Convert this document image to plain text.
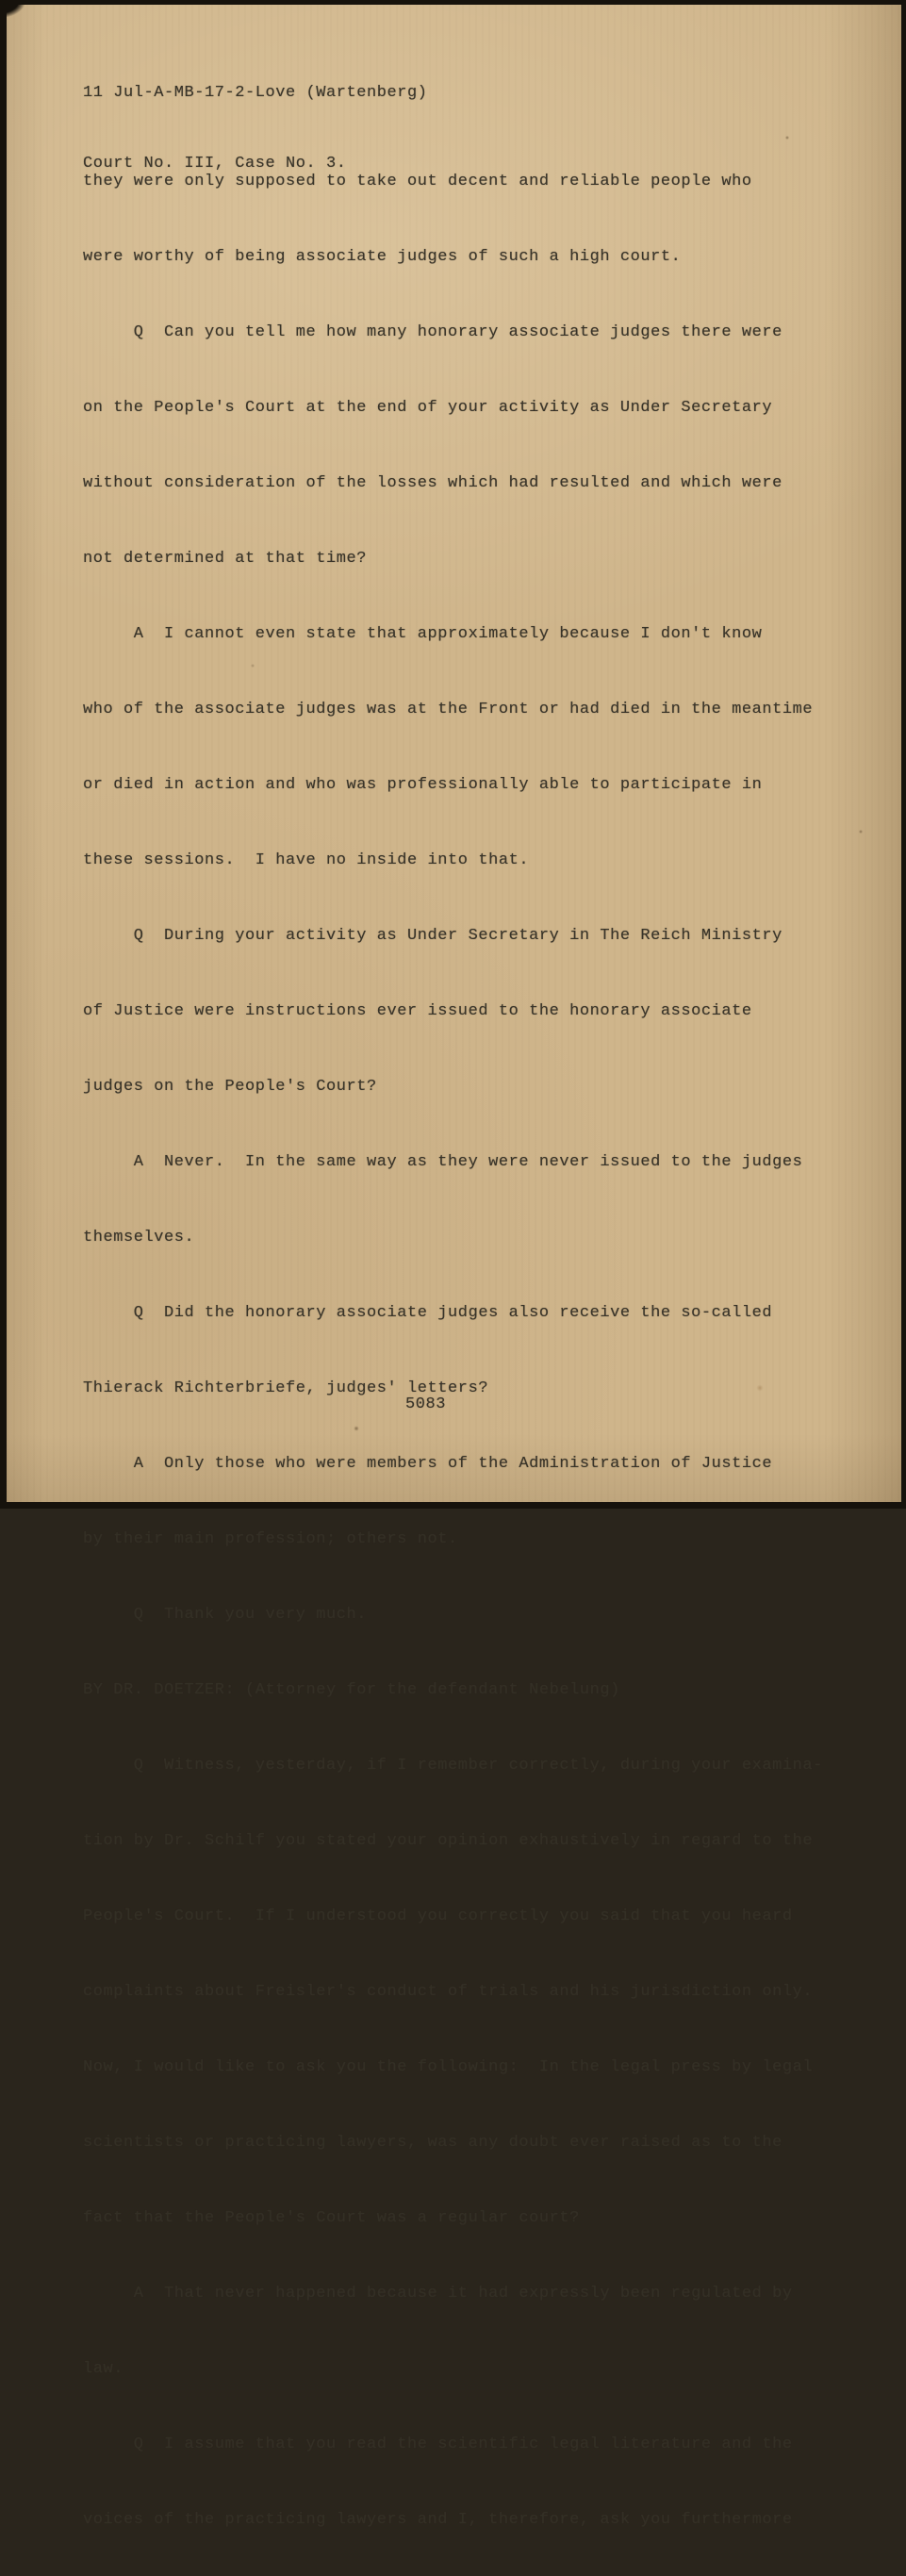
11 Jul-A-MB-17-2-Love (Wartenberg)

Court No. III, Case No. 3.

they were only supposed to take out decent and reliable people who

were worthy of being associate judges of such a high court.

Q  Can you tell me how many honorary associate judges there were

on the People's Court at the end of your activity as Under Secretary

without consideration of the losses which had resulted and which were

not determined at that time?

A  I cannot even state that approximately because I don't know

who of the associate judges was at the Front or had died in the meantime

or died in action and who was professionally able to participate in

these sessions.  I have no inside into that.

Q  During your activity as Under Secretary in The Reich Ministry

of Justice were instructions ever issued to the honorary associate

judges on the People's Court?

A  Never.  In the same way as they were never issued to the judges

themselves.

Q  Did the honorary associate judges also receive the so-called

Thierack Richterbriefe, judges' letters?

A  Only those who were members of the Administration of Justice

by their main profession; others not.

Q  Thank you very much.

BY DR. DOETZER: (Attorney for the defendant Nebelung)

Q  Witness, yesterday, if I remember correctly, during your examina-

tion by Dr. Schilf you stated your opinion exhaustively in regard to the

People's Court.  If I understood you correctly you said that you heard

complaints about Freisler's conduct of trials and his jurisdiction only.

Now, I would like to ask you the following:  In the legal press by legal

scientists or practicing lawyers, was any doubt ever raised as to the

fact that the People's Court was a regular court?

A  That never happened because it had expressly been regulated by

law.

Q  I assume that you read the scientific legal literature and the

voices of the practicing lawyers and I, therefore, ask you furthermore

5083
